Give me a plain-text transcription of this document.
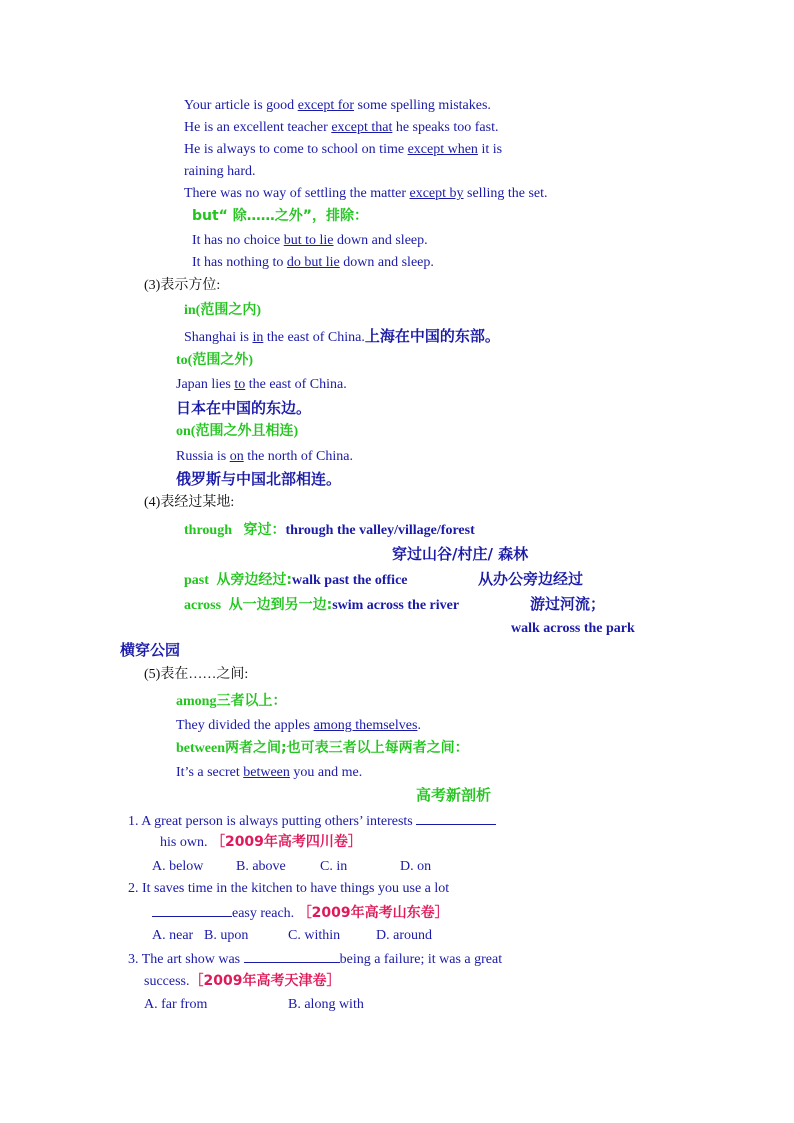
Your article is good except for some spelling mistakes.
He is an excellent teacher except that he speaks too fast.
He is always to come to school on time except when it is
raining hard.
There was no way of settling the matter except by selling the set.
but“ 除……之外”，排除：
It has no choice but to lie down and sleep.
It has nothing to do but lie down and sleep.
(3)表示方位:
in(范围之内)
Shanghai is in the east of China.上海在中国的东部。
to(范围之外)
Japan lies to the east of China.
日本在中国的东边。
on(范围之外且相连)
Russia is on the north of China.
俄罗斯与中国北部相连。
(4)表经过某地:
through 穿过：through the valley/village/forest
穿过山谷/村庄/ 森林
past 从旁边经过:walk past the office	从办公旁边经过
across 从一边到另一边:swim across the river	游过河流；
walk across the park
横穿公园
(5)表在……之间:
among三者以上：
They divided the apples among themselves.
between两者之间;也可表三者以上每两者之间：
It’s a secret between you and me.
高考新剖析
1. A great person is always putting others’ interests
his own. ［2009年高考四川卷］
A. below B. above C. in	D. on
2. It saves time in the kitchen to have things you use a lot
easy reach. ［2009年高考山东卷］
A. near B. upon	C. within	D. around
3. The art show was	being a failure; it was a great
success.［2009年高考天津卷］
A. far from	B. along with
